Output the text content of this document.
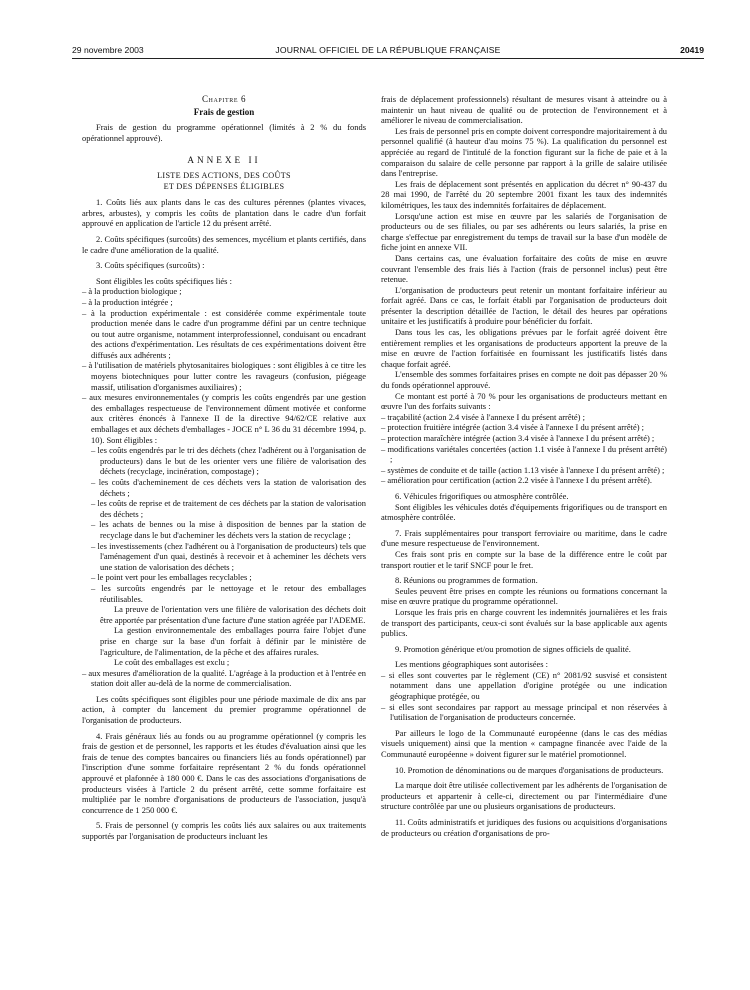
29 novembre 2003	JOURNAL OFFICIEL DE LA RÉPUBLIQUE FRANÇAISE	20419

Chapitre 6

Frais de gestion

Frais de gestion du programme opérationnel (limités à 2 % du fonds opérationnel approuvé).

ANNEXE II

LISTE DES ACTIONS, DES COÛTS

ET DES DÉPENSES ÉLIGIBLES

1. Coûts liés aux plants dans le cas des cultures pérennes (plantes vivaces, arbres, arbustes), y compris les coûts de plantation dans le cadre d'un forfait approuvé en application de l'article 12 du présent arrêté.

2. Coûts spécifiques (surcoûts) des semences, mycélium et plants certifiés, dans le cadre d'une amélioration de la qualité.

3. Coûts spécifiques (surcoûts) :

Sont éligibles les coûts spécifiques liés :

– à la production biologique ;

– à la production intégrée ;

– à la production expérimentale : est considérée comme expérimentale toute production menée dans le cadre d'un programme défini par un centre technique ou tout autre organisme, notamment interprofessionnel, conduisant ou encadrant des actions d'expérimentation. Les résultats de ces expérimentations doivent être diffusés aux adhérents ;

– à l'utilisation de matériels phytosanitaires biologiques : sont éligibles à ce titre les moyens biotechniques pour lutter contre les ravageurs (confusion, piégeage massif, utilisation d'organismes auxiliaires) ;

– aux mesures environnementales (y compris les coûts engendrés par une gestion des emballages respectueuse de l'environnement dûment motivée et conforme aux critères énoncés à l'annexe II de la directive 94/62/CE relative aux emballages et aux déchets d'emballages - JOCE n° L 36 du 31 décembre 1994, p. 10). Sont éligibles :

– les coûts engendrés par le tri des déchets (chez l'adhérent ou à l'organisation de producteurs) dans le but de les orienter vers une filière de valorisation des déchets (recyclage, incinération, compostage) ;

– les coûts d'acheminement de ces déchets vers la station de valorisation des déchets ;

– les coûts de reprise et de traitement de ces déchets par la station de valorisation des déchets ;

– les achats de bennes ou la mise à disposition de bennes par la station de recyclage dans le but d'acheminer les déchets vers la station de recyclage ;

– les investissements (chez l'adhérent ou à l'organisation de producteurs) tels que l'aménagement d'un quai, destinés à recevoir et à acheminer les déchets vers une station de valorisation des déchets ;

– le point vert pour les emballages recyclables ;

– les surcoûts engendrés par le nettoyage et le retour des emballages réutilisables.

La preuve de l'orientation vers une filière de valorisation des déchets doit être apportée par présentation d'une facture d'une station agréée par l'ADEME.

La gestion environnementale des emballages pourra faire l'objet d'une prise en charge sur la base d'un forfait à définir par le ministère de l'agriculture, de l'alimentation, de la pêche et des affaires rurales.

Le coût des emballages est exclu ;

– aux mesures d'amélioration de la qualité. L'agréage à la production et à l'entrée en station doit aller au-delà de la norme de commercialisation.

Les coûts spécifiques sont éligibles pour une période maximale de dix ans par action, à compter du lancement du premier programme opérationnel de l'organisation de producteurs.

4. Frais généraux liés au fonds ou au programme opérationnel (y compris les frais de gestion et de personnel, les rapports et les études d'évaluation ainsi que les frais de tenue des comptes bancaires ou financiers liés au fonds opérationnel) par l'inscription d'une somme forfaitaire représentant 2 % du fonds opérationnel approuvé et plafonnée à 180 000 €. Dans le cas des associations d'organisations de producteurs visées à l'article 2 du présent arrêté, cette somme forfaitaire est multipliée par le nombre d'organisations de producteurs de l'association, jusqu'à concurrence de 1 250 000 €.

5. Frais de personnel (y compris les coûts liés aux salaires ou aux traitements supportés par l'organisation de producteurs incluant les

frais de déplacement professionnels) résultant de mesures visant à atteindre ou à maintenir un haut niveau de qualité ou de protection de l'environnement et à améliorer le niveau de commercialisation.

Les frais de personnel pris en compte doivent correspondre majoritairement à du personnel qualifié (à hauteur d'au moins 75 %). La qualification du personnel est appréciée au regard de l'intitulé de la fonction figurant sur la fiche de paie et à la comparaison du salaire de celle personne par rapport à la grille de salaire utilisée dans l'entreprise.

Les frais de déplacement sont présentés en application du décret n° 90-437 du 28 mai 1990, de l'arrêté du 20 septembre 2001 fixant les taux des indemnités kilométriques, les taux des indemnités forfaitaires de déplacement.

Lorsqu'une action est mise en œuvre par les salariés de l'organisation de producteurs ou de ses filiales, ou par ses adhérents ou leurs salariés, la prise en charge s'effectue par enregistrement du temps de travail sur la base d'un modèle de fiche joint en annexe VII.

Dans certains cas, une évaluation forfaitaire des coûts de mise en œuvre couvrant l'ensemble des frais liés à l'action (frais de personnel inclus) peut être retenue.

L'organisation de producteurs peut retenir un montant forfaitaire inférieur au forfait agréé. Dans ce cas, le forfait établi par l'organisation de producteurs doit présenter la description détaillée de l'action, le détail des heures par opérations unitaire et les justificatifs à produire pour bénéficier du forfait.

Dans tous les cas, les obligations prévues par le forfait agréé doivent être entièrement remplies et les organisations de producteurs apportent la preuve de la mise en œuvre de l'action forfaitisée en fournissant les justificatifs listés dans chaque forfait agréé.

L'ensemble des sommes forfaitaires prises en compte ne doit pas dépasser 20 % du fonds opérationnel approuvé.

Ce montant est porté à 70 % pour les organisations de producteurs mettant en œuvre l'un des forfaits suivants :

– traçabilité (action 2.4 visée à l'annexe I du présent arrêté) ;

– protection fruitière intégrée (action 3.4 visée à l'annexe I du présent arrêté) ;

– protection maraîchère intégrée (action 3.4 visée à l'annexe I du présent arrêté) ;

– modifications variétales concertées (action 1.1 visée à l'annexe I du présent arrêté) ;

– systèmes de conduite et de taille (action 1.13 visée à l'annexe I du présent arrêté) ;

– amélioration pour certification (action 2.2 visée à l'annexe I du présent arrêté).

6. Véhicules frigorifiques ou atmosphère contrôlée.

Sont éligibles les véhicules dotés d'équipements frigorifiques ou de transport en atmosphère contrôlée.

7. Frais supplémentaires pour transport ferroviaire ou maritime, dans le cadre d'une mesure respectueuse de l'environnement.

Ces frais sont pris en compte sur la base de la différence entre le coût par transport routier et le tarif SNCF pour le fret.

8. Réunions ou programmes de formation.

Seules peuvent être prises en compte les réunions ou formations concernant la mise en œuvre pratique du programme opérationnel.

Lorsque les frais pris en charge couvrent les indemnités journalières et les frais de transport des participants, ceux-ci sont évalués sur la base applicable aux agents publics.

9. Promotion générique et/ou promotion de signes officiels de qualité.

Les mentions géographiques sont autorisées :

– si elles sont couvertes par le règlement (CE) n° 2081/92 susvisé et consistent notamment dans une appellation d'origine protégée ou une indication géographique protégée, ou

– si elles sont secondaires par rapport au message principal et non réservées à l'utilisation de l'organisation de producteurs concernée.

Par ailleurs le logo de la Communauté européenne (dans le cas des médias visuels uniquement) ainsi que la mention « campagne financée avec l'aide de la Communauté européenne » doivent figurer sur le matériel promotionnel.

10. Promotion de dénominations ou de marques d'organisations de producteurs.

La marque doit être utilisée collectivement par les adhérents de l'organisation de producteurs et appartenir à celle-ci, directement ou par l'intermédiaire d'une structure contrôlée par une ou plusieurs organisations de producteurs.

11. Coûts administratifs et juridiques des fusions ou acquisitions d'organisations de producteurs ou création d'organisations de pro-
